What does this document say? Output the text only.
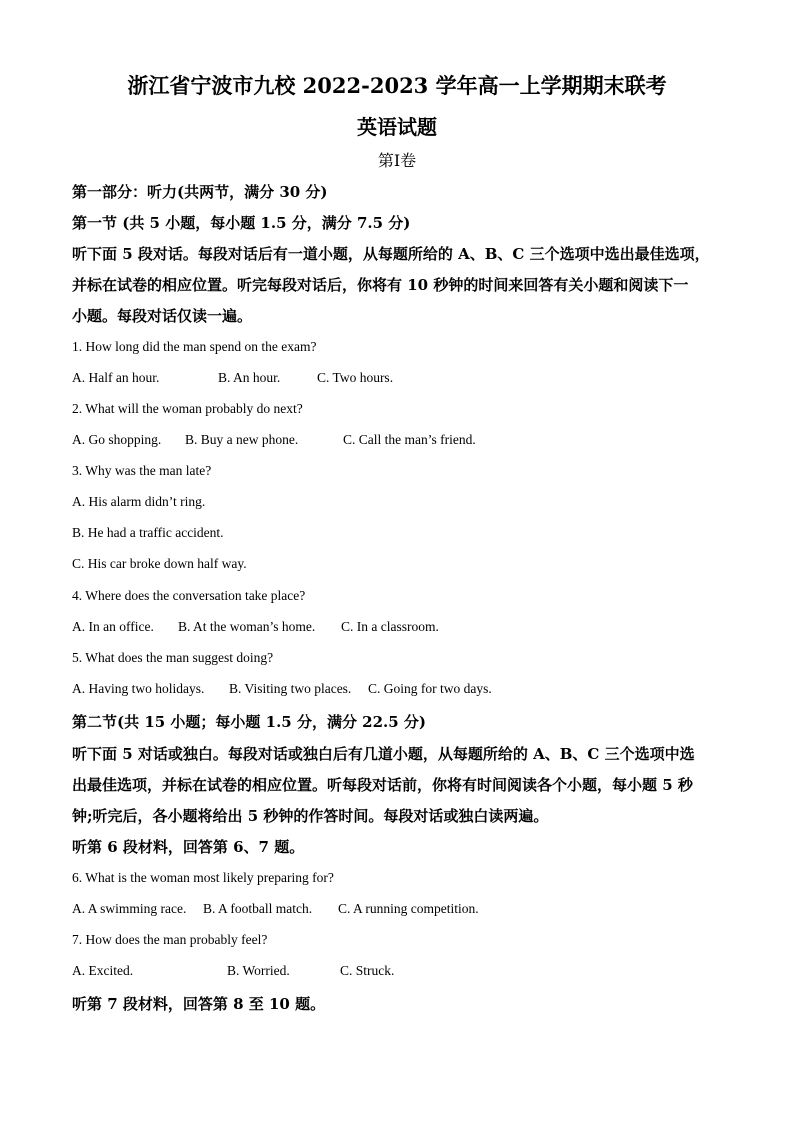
浙江省宁波市九校 2022-2023 学年高一上学期期末联考
英语试题
第Ⅰ卷
第一部分：听力(共两节，满分 30 分)
第一节 (共 5 小题，每小题 1.5 分，满分 7.5 分)
听下面 5 段对话。每段对话后有一道小题，从每题所给的 A、B、C 三个选项中选出最佳选项，
并标在试卷的相应位置。听完每段对话后，你将有 10 秒钟的时间来回答有关小题和阅读下一
小题。每段对话仅读一遍。
1. How long did the man spend on the exam?
A. Half an hour.	B. An hour.	C. Two hours.
2. What will the woman probably do next?
A. Go shopping. B. Buy a new phone.	C. Call the man’s friend.
3. Why was the man late?
A. His alarm didn’t ring.
B. He had a traffic accident.
C. His car broke down half way.
4. Where does the conversation take place?
A. In an office. B. At the woman’s home. C. In a classroom.
5. What does the man suggest doing?
A. Having two holidays. B. Visiting two places. C. Going for two days.
第二节(共 15 小题；每小题 1.5 分，满分 22.5 分)
听下面 5 对话或独白。每段对话或独白后有几道小题，从每题所给的 A、B、C 三个选项中选
出最佳选项，并标在试卷的相应位置。听每段对话前，你将有时间阅读各个小题，每小题 5 秒
钟;听完后，各小题将给出 5 秒钟的作答时间。每段对话或独白读两遍。
听第 6 段材料，回答第 6、7 题。
6. What is the woman most likely preparing for?
A. A swimming race. B. A football match. C. A running competition.
7. How does the man probably feel?
A. Excited.	B. Worried.	C. Struck.
听第 7 段材料，回答第 8 至 10 题。
